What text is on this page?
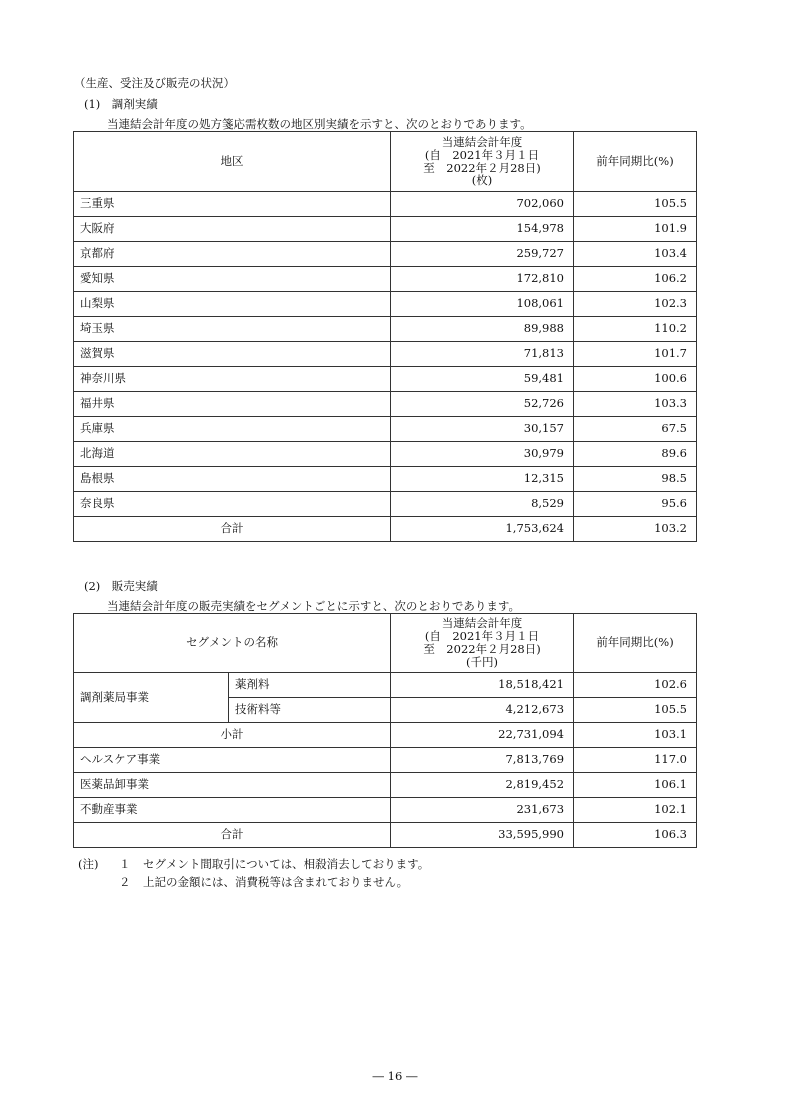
（生産、受注及び販売の状況）
(1)　調剤実績
当連結会計年度の処方箋応需枚数の地区別実績を示すと、次のとおりであります。
地区	当連結会計年度
(自　2021年３月１日
至　2022年２月28日)
(枚)	前年同期比(%)
三重県	702,060	105.5
大阪府	154,978	101.9
京都府	259,727	103.4
愛知県	172,810	106.2
山梨県	108,061	102.3
埼玉県	89,988	110.2
滋賀県	71,813	101.7
神奈川県	59,481	100.6
福井県	52,726	103.3
兵庫県	30,157	67.5
北海道	30,979	89.6
島根県	12,315	98.5
奈良県	8,529	95.6
合計	1,753,624	103.2
(2)　販売実績
当連結会計年度の販売実績をセグメントごとに示すと、次のとおりであります。
セグメントの名称		当連結会計年度
(自　2021年３月１日
至　2022年２月28日)
(千円)	前年同期比(%)
調剤薬局事業	薬剤料	18,518,421	102.6
	技術料等	4,212,673	105.5
小計		22,731,094	103.1
ヘルスケア事業		7,813,769	117.0
医薬品卸事業		2,819,452	106.1
不動産事業		231,673	102.1
合計		33,595,990	106.3
(注) １ セグメント間取引については、相殺消去しております。
２ 上記の金額には、消費税等は含まれておりません。
― 16 ―
